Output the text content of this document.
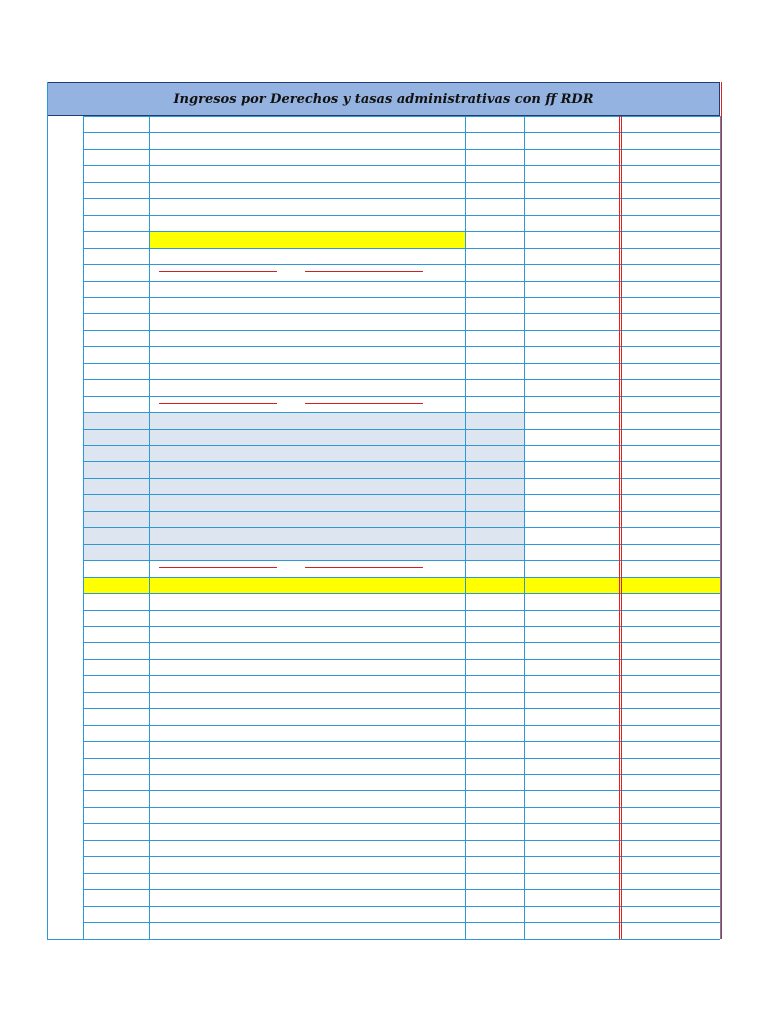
Ingresos por Derechos y tasas administrativas con ff RDR
